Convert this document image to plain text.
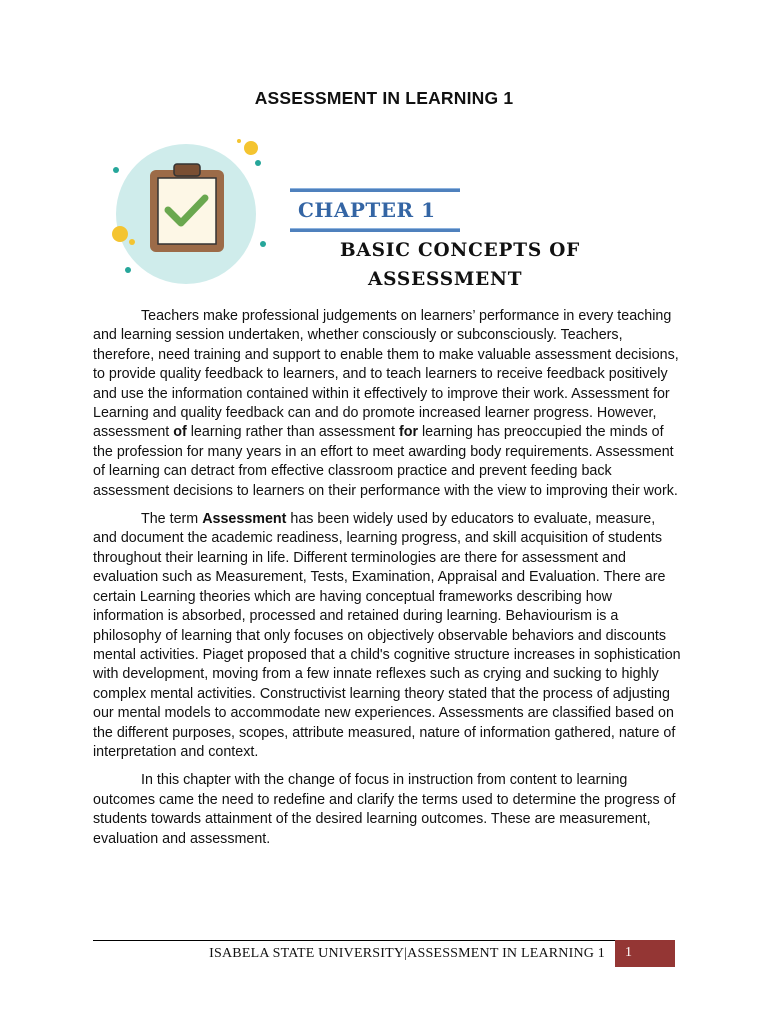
ASSESSMENT IN LEARNING 1
CHAPTER 1
BASIC CONCEPTS OF
ASSESSMENT

Teachers make professional judgements on learners’ performance in every teaching and learning session undertaken, whether consciously or subconsciously. Teachers, therefore, need training and support to enable them to make valuable assessment decisions, to provide quality feedback to learners, and to teach learners to receive feedback positively and use the information contained within it effectively to improve their work. Assessment for Learning and quality feedback can and do promote increased learner progress. However, assessment of learning rather than assessment for learning has preoccupied the minds of the profession for many years in an effort to meet awarding body requirements. Assessment of learning can detract from effective classroom practice and prevent feeding back assessment decisions to learners on their performance with the view to improving their work.

The term Assessment has been widely used by educators to evaluate, measure, and document the academic readiness, learning progress, and skill acquisition of students throughout their learning in life. Different terminologies are there for assessment and evaluation such as Measurement, Tests, Examination, Appraisal and Evaluation. There are certain Learning theories which are having conceptual frameworks describing how information is absorbed, processed and retained during learning. Behaviourism is a philosophy of learning that only focuses on objectively observable behaviors and discounts mental activities. Piaget proposed that a child's cognitive structure increases in sophistication with development, moving from a few innate reflexes such as crying and sucking to highly complex mental activities. Constructivist learning theory stated that the process of adjusting our mental models to accommodate new experiences. Assessments are classified based on the different purposes, scopes, attribute measured, nature of information gathered, nature of interpretation and context.

In this chapter with the change of focus in instruction from content to learning outcomes came the need to redefine and clarify the terms used to determine the progress of students towards attainment of the desired learning outcomes. These are measurement, evaluation and assessment.

ISABELA STATE UNIVERSITY|ASSESSMENT IN LEARNING 1	1
